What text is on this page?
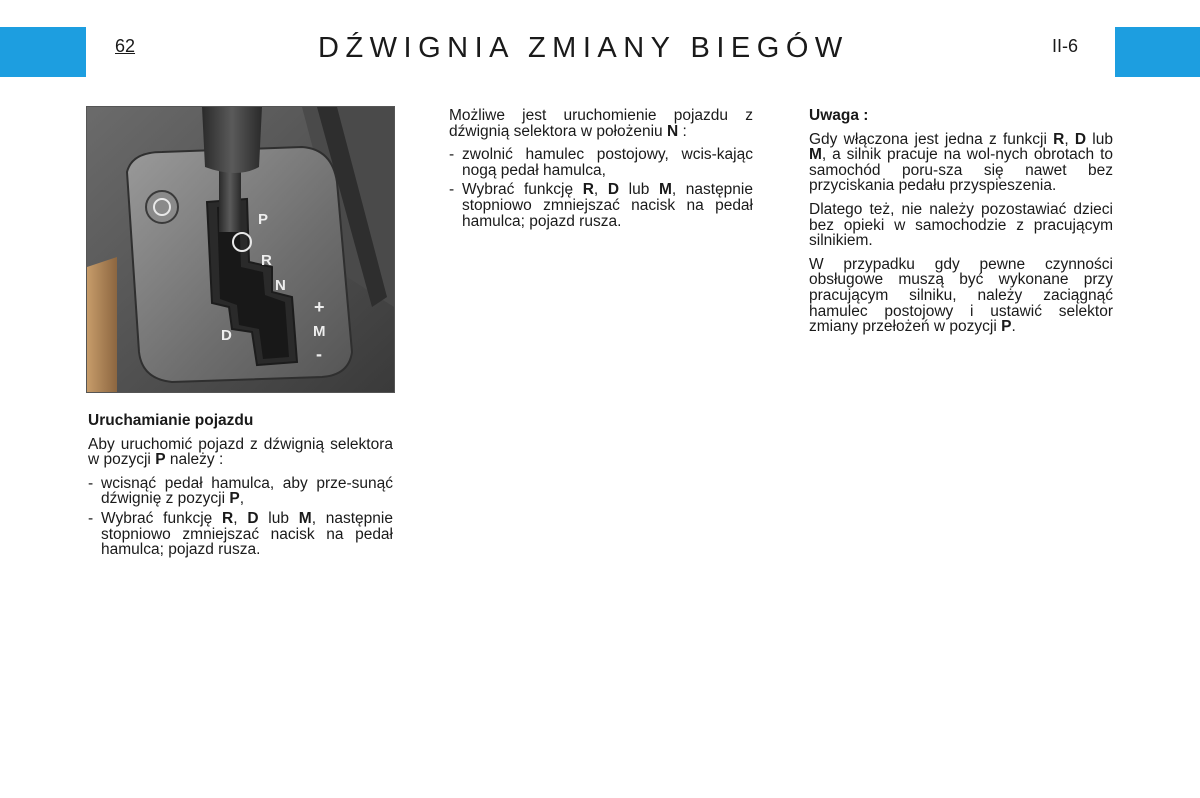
62	DŹWIGNIA ZMIANY BIEGÓW	II-6
P
R
N
D
+
M
-

Uruchamianie pojazdu

Aby uruchomić pojazd z dźwignią selektora w pozycji P należy :

- wcisnąć pedał hamulca, aby prze-sunąć dźwignię z pozycji P,
- Wybrać funkcję R, D lub M, następnie stopniowo zmniejszać nacisk na pedał hamulca; pojazd rusza.

Możliwe jest uruchomienie pojazdu z dźwignią selektora w położeniu N :

- zwolnić hamulec postojowy, wcis-kając nogą pedał hamulca,
- Wybrać funkcję R, D lub M, następnie stopniowo zmniejszać nacisk na pedał hamulca; pojazd rusza.

Uwaga :

Gdy włączona jest jedna z funkcji R, D lub M, a silnik pracuje na wol-nych obrotach to samochód poru-sza się nawet bez przyciskania pedału przyspieszenia.

Dlatego też, nie należy pozostawiać dzieci bez opieki w samochodzie z pracującym silnikiem.

W przypadku gdy pewne czynności obsługowe muszą być wykonane przy pracującym silniku, należy zaciągnąć hamulec postojowy i ustawić selektor zmiany przełożeń w pozycji P.
